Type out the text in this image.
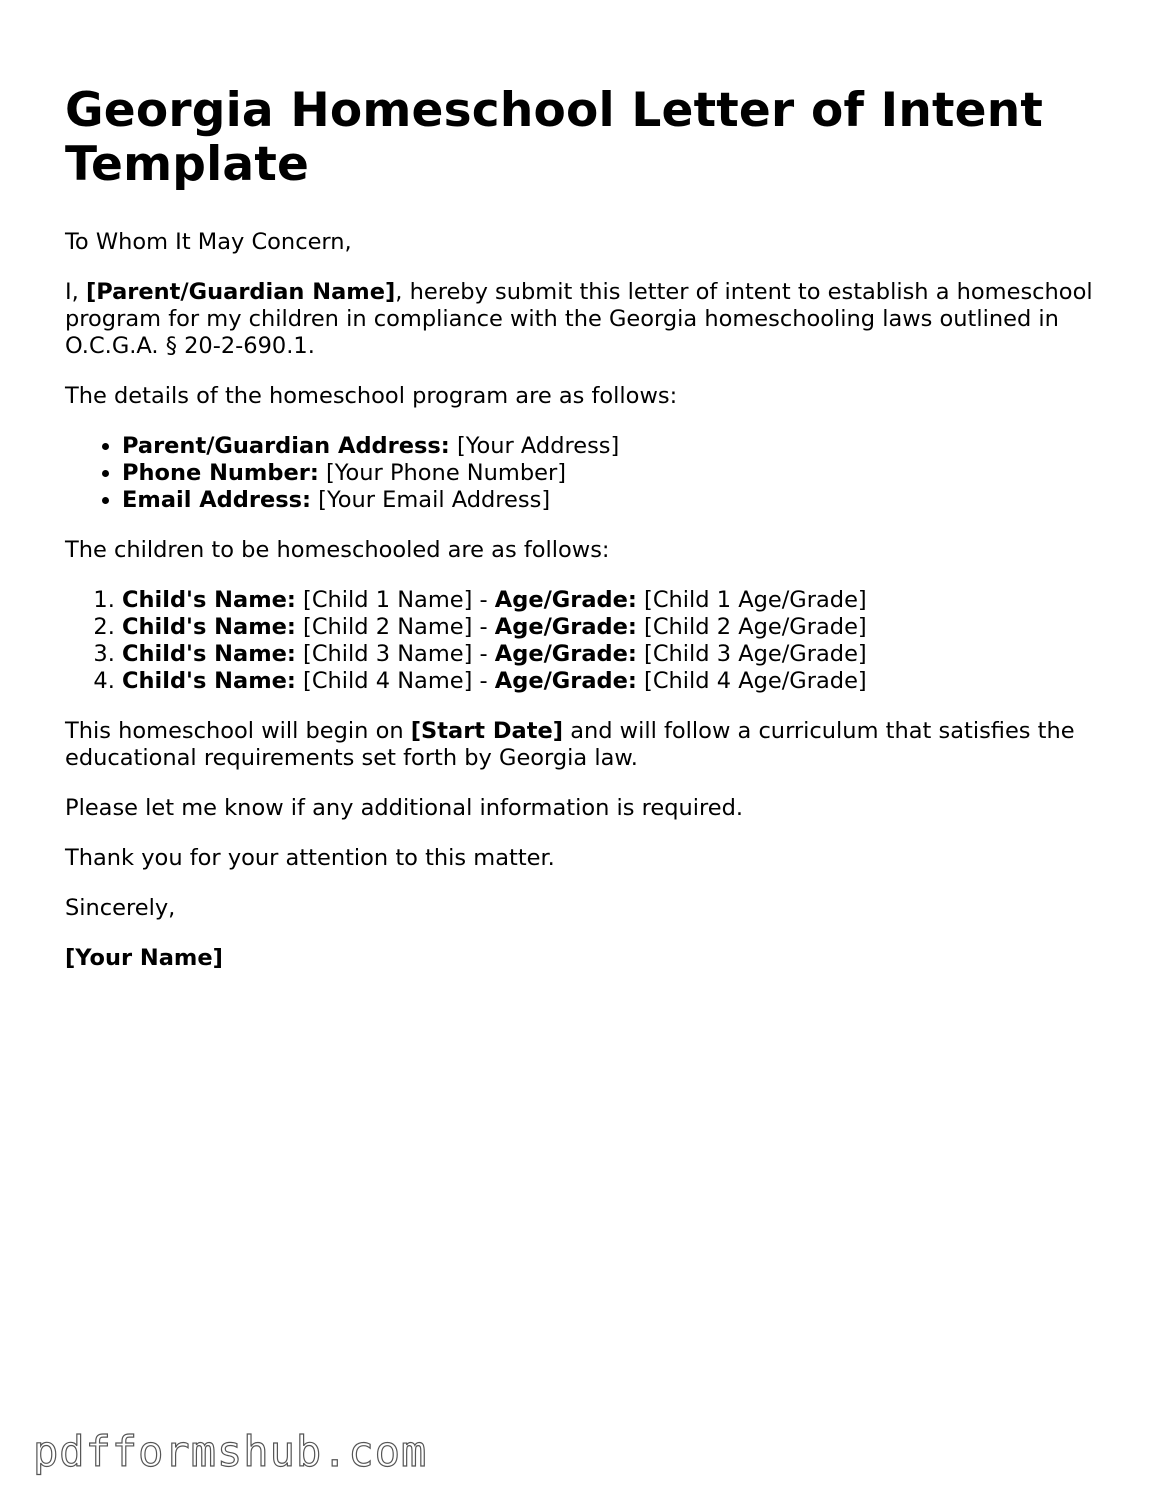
Georgia Homeschool Letter of Intent Template

To Whom It May Concern,

I, [Parent/Guardian Name], hereby submit this letter of intent to establish a homeschool program for my children in compliance with the Georgia homeschooling laws outlined in O.C.G.A. § 20-2-690.1.

The details of the homeschool program are as follows:

• Parent/Guardian Address: [Your Address]
• Phone Number: [Your Phone Number]
• Email Address: [Your Email Address]

The children to be homeschooled are as follows:

1. Child's Name: [Child 1 Name] - Age/Grade: [Child 1 Age/Grade]
2. Child's Name: [Child 2 Name] - Age/Grade: [Child 2 Age/Grade]
3. Child's Name: [Child 3 Name] - Age/Grade: [Child 3 Age/Grade]
4. Child's Name: [Child 4 Name] - Age/Grade: [Child 4 Age/Grade]

This homeschool will begin on [Start Date] and will follow a curriculum that satisfies the educational requirements set forth by Georgia law.

Please let me know if any additional information is required.

Thank you for your attention to this matter.

Sincerely,

[Your Name]

pdfformshub.com
